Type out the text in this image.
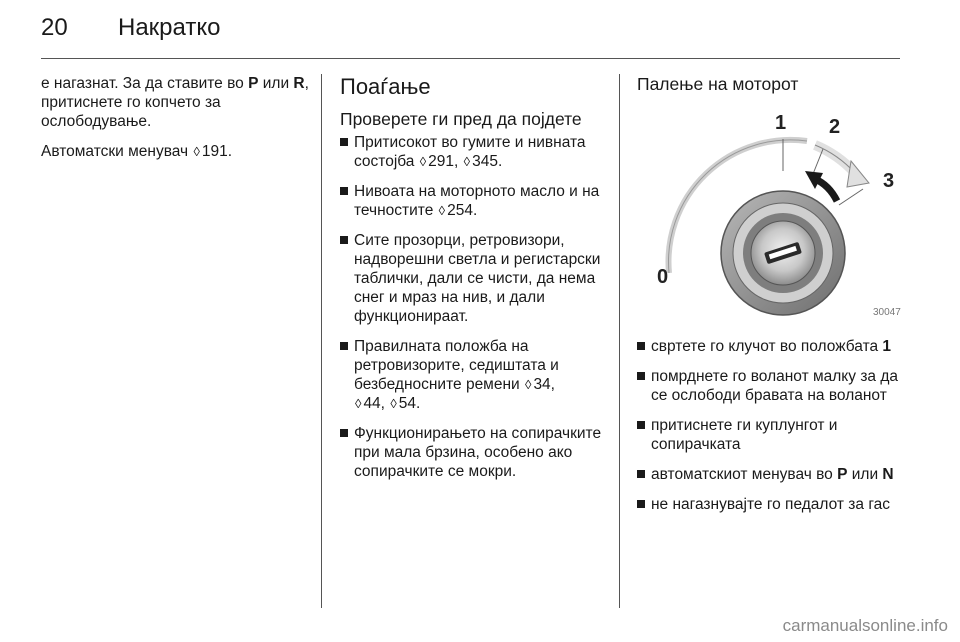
20 Накратко

е нагазнат. За да ставите во P или R, притиснете го копчето за ослободување.

Автоматски менувач ◊ 191.

Поаѓање
Проверете ги пред да појдете
Притисокот во гумите и нивната состојба ◊ 291, ◊ 345.
Нивоата на моторното масло и на течностите ◊ 254.
Сите прозорци, ретровизори, надворешни светла и регистарски таблички, дали се чисти, да нема снег и мраз на нив, и дали функционираат.
Правилната положба на ретровизорите, седиштата и безбедносните ремени ◊ 34,
◊ 44, ◊ 54.
Функционирањето на сопирачките при мала брзина, особено ако сопирачките се мокри.
Палење на моторот
0
1 2
3
30047
свртете го клучот во положбата 1
помрднете го воланот малку за да се ослободи бравата на воланот
притиснете ги куплунгот и сопирачката
автоматскиот менувач во P или N
не нагазнувајте го педалот за гас
carmanualsonline.info
